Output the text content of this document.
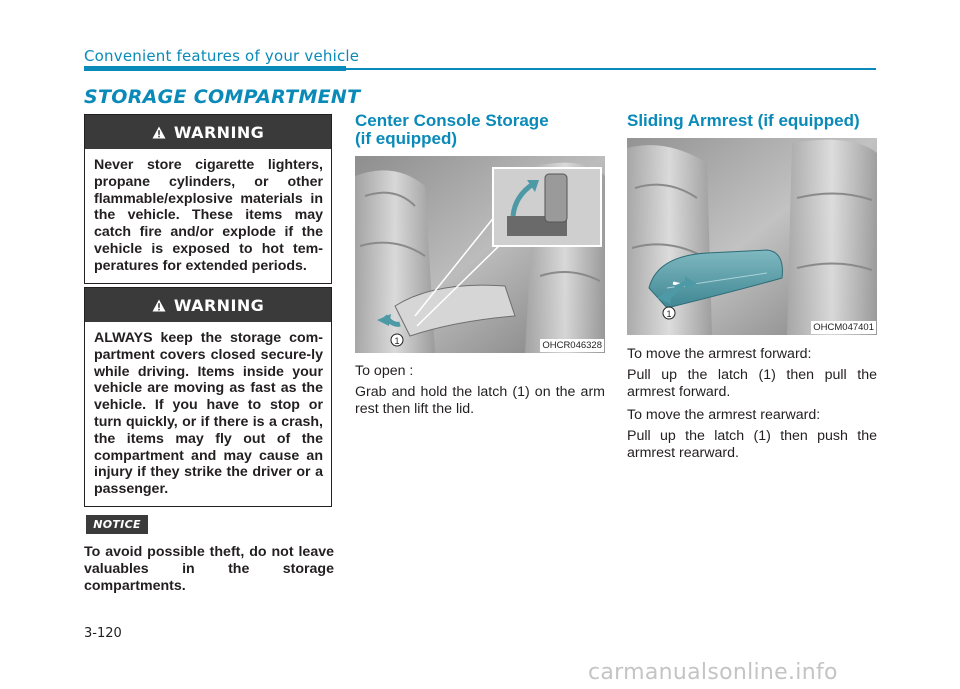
Convenient features of your vehicle
STORAGE COMPARTMENT
WARNING
Never store cigarette lighters, propane cylinders, or other flammable/explosive materials in the vehicle. These items may catch fire and/or explode if the vehicle is exposed to hot tem-peratures for extended periods.
WARNING
ALWAYS keep the storage com-partment covers closed secure-ly while driving. Items inside your vehicle are moving as fast as the vehicle. If you have to stop or turn quickly, or if there is a crash, the items may fly out of the compartment and may cause an injury if they strike the driver or a passenger.
NOTICE
To avoid possible theft, do not leave valuables in the storage compartments.
Center Console Storage
(if equipped)
1	OHCR046328
To open :
Grab and hold the latch (1) on the arm rest then lift the lid.
Sliding Armrest (if equipped)
1
OHCM047401
To move the armrest forward:
Pull up the latch (1) then pull the armrest forward.
To move the armrest rearward:
Pull up the latch (1) then push the armrest rearward.
3-120
carmanualsonline.info
